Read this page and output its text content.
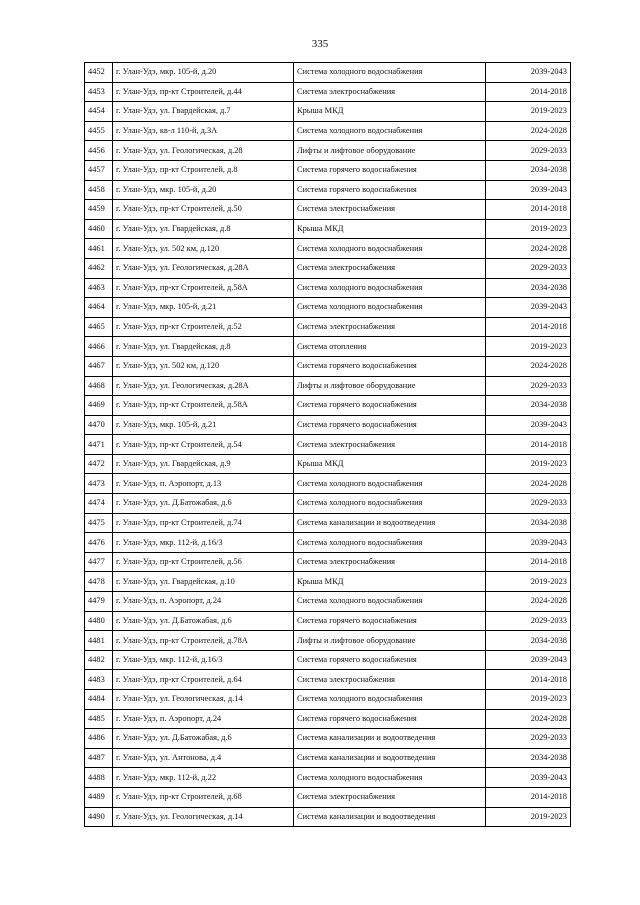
335
4452	г. Улан-Удэ, мкр. 105-й, д.20	Система холодного водоснабжения	2039-2043
4453	г. Улан-Удэ, пр-кт Строителей, д.44	Система электроснабжения	2014-2018
4454	г. Улан-Удэ, ул. Гвардейская, д.7	Крыша МКД	2019-2023
4455	г. Улан-Удэ, кв-л 110-й, д.3А	Система холодного водоснабжения	2024-2028
4456	г. Улан-Удэ, ул. Геологическая, д.28	Лифты и лифтовое оборудование	2029-2033
4457	г. Улан-Удэ, пр-кт Строителей, д.8	Система горячего водоснабжения	2034-2038
4458	г. Улан-Удэ, мкр. 105-й, д.20	Система горячего водоснабжения	2039-2043
4459	г. Улан-Удэ, пр-кт Строителей, д.50	Система электроснабжения	2014-2018
4460	г. Улан-Удэ, ул. Гвардейская, д.8	Крыша МКД	2019-2023
4461	г. Улан-Удэ, ул. 502 км, д.120	Система холодного водоснабжения	2024-2028
4462	г. Улан-Удэ, ул. Геологическая, д.28А	Система электроснабжения	2029-2033
4463	г. Улан-Удэ, пр-кт Строителей, д.58А	Система холодного водоснабжения	2034-2038
4464	г. Улан-Удэ, мкр. 105-й, д.21	Система холодного водоснабжения	2039-2043
4465	г. Улан-Удэ, пр-кт Строителей, д.52	Система электроснабжения	2014-2018
4466	г. Улан-Удэ, ул. Гвардейская, д.8	Система отопления	2019-2023
4467	г. Улан-Удэ, ул. 502 км, д.120	Система горячего водоснабжения	2024-2028
4468	г. Улан-Удэ, ул. Геологическая, д.28А	Лифты и лифтовое оборудование	2029-2033
4469	г. Улан-Удэ, пр-кт Строителей, д.58А	Система горячего водоснабжения	2034-2038
4470	г. Улан-Удэ, мкр. 105-й, д.21	Система горячего водоснабжения	2039-2043
4471	г. Улан-Удэ, пр-кт Строителей, д.54	Система электроснабжения	2014-2018
4472	г. Улан-Удэ, ул. Гвардейская, д.9	Крыша МКД	2019-2023
4473	г. Улан-Удэ, п. Аэропорт, д.13	Система холодного водоснабжения	2024-2028
4474	г. Улан-Удэ, ул. Д.Батожабая, д.6	Система холодного водоснабжения	2029-2033
4475	г. Улан-Удэ, пр-кт Строителей, д.74	Система канализации и водоотведения	2034-2038
4476	г. Улан-Удэ, мкр. 112-й, д.16/3	Система холодного водоснабжения	2039-2043
4477	г. Улан-Удэ, пр-кт Строителей, д.56	Система электроснабжения	2014-2018
4478	г. Улан-Удэ, ул. Гвардейская, д.10	Крыша МКД	2019-2023
4479	г. Улан-Удэ, п. Аэропорт, д.24	Система холодного водоснабжения	2024-2028
4480	г. Улан-Удэ, ул. Д.Батожабая, д.6	Система горячего водоснабжения	2029-2033
4481	г. Улан-Удэ, пр-кт Строителей, д.78А	Лифты и лифтовое оборудование	2034-2038
4482	г. Улан-Удэ, мкр. 112-й, д.16/3	Система горячего водоснабжения	2039-2043
4483	г. Улан-Удэ, пр-кт Строителей, д.64	Система электроснабжения	2014-2018
4484	г. Улан-Удэ, ул. Геологическая, д.14	Система холодного водоснабжения	2019-2023
4485	г. Улан-Удэ, п. Аэропорт, д.24	Система горячего водоснабжения	2024-2028
4486	г. Улан-Удэ, ул. Д.Батожабая, д.6	Система канализации и водоотведения	2029-2033
4487	г. Улан-Удэ, ул. Антонова, д.4	Система канализации и водоотведения	2034-2038
4488	г. Улан-Удэ, мкр. 112-й, д.22	Система холодного водоснабжения	2039-2043
4489	г. Улан-Удэ, пр-кт Строителей, д.68	Система электроснабжения	2014-2018
4490	г. Улан-Удэ, ул. Геологическая, д.14	Система канализации и водоотведения	2019-2023
